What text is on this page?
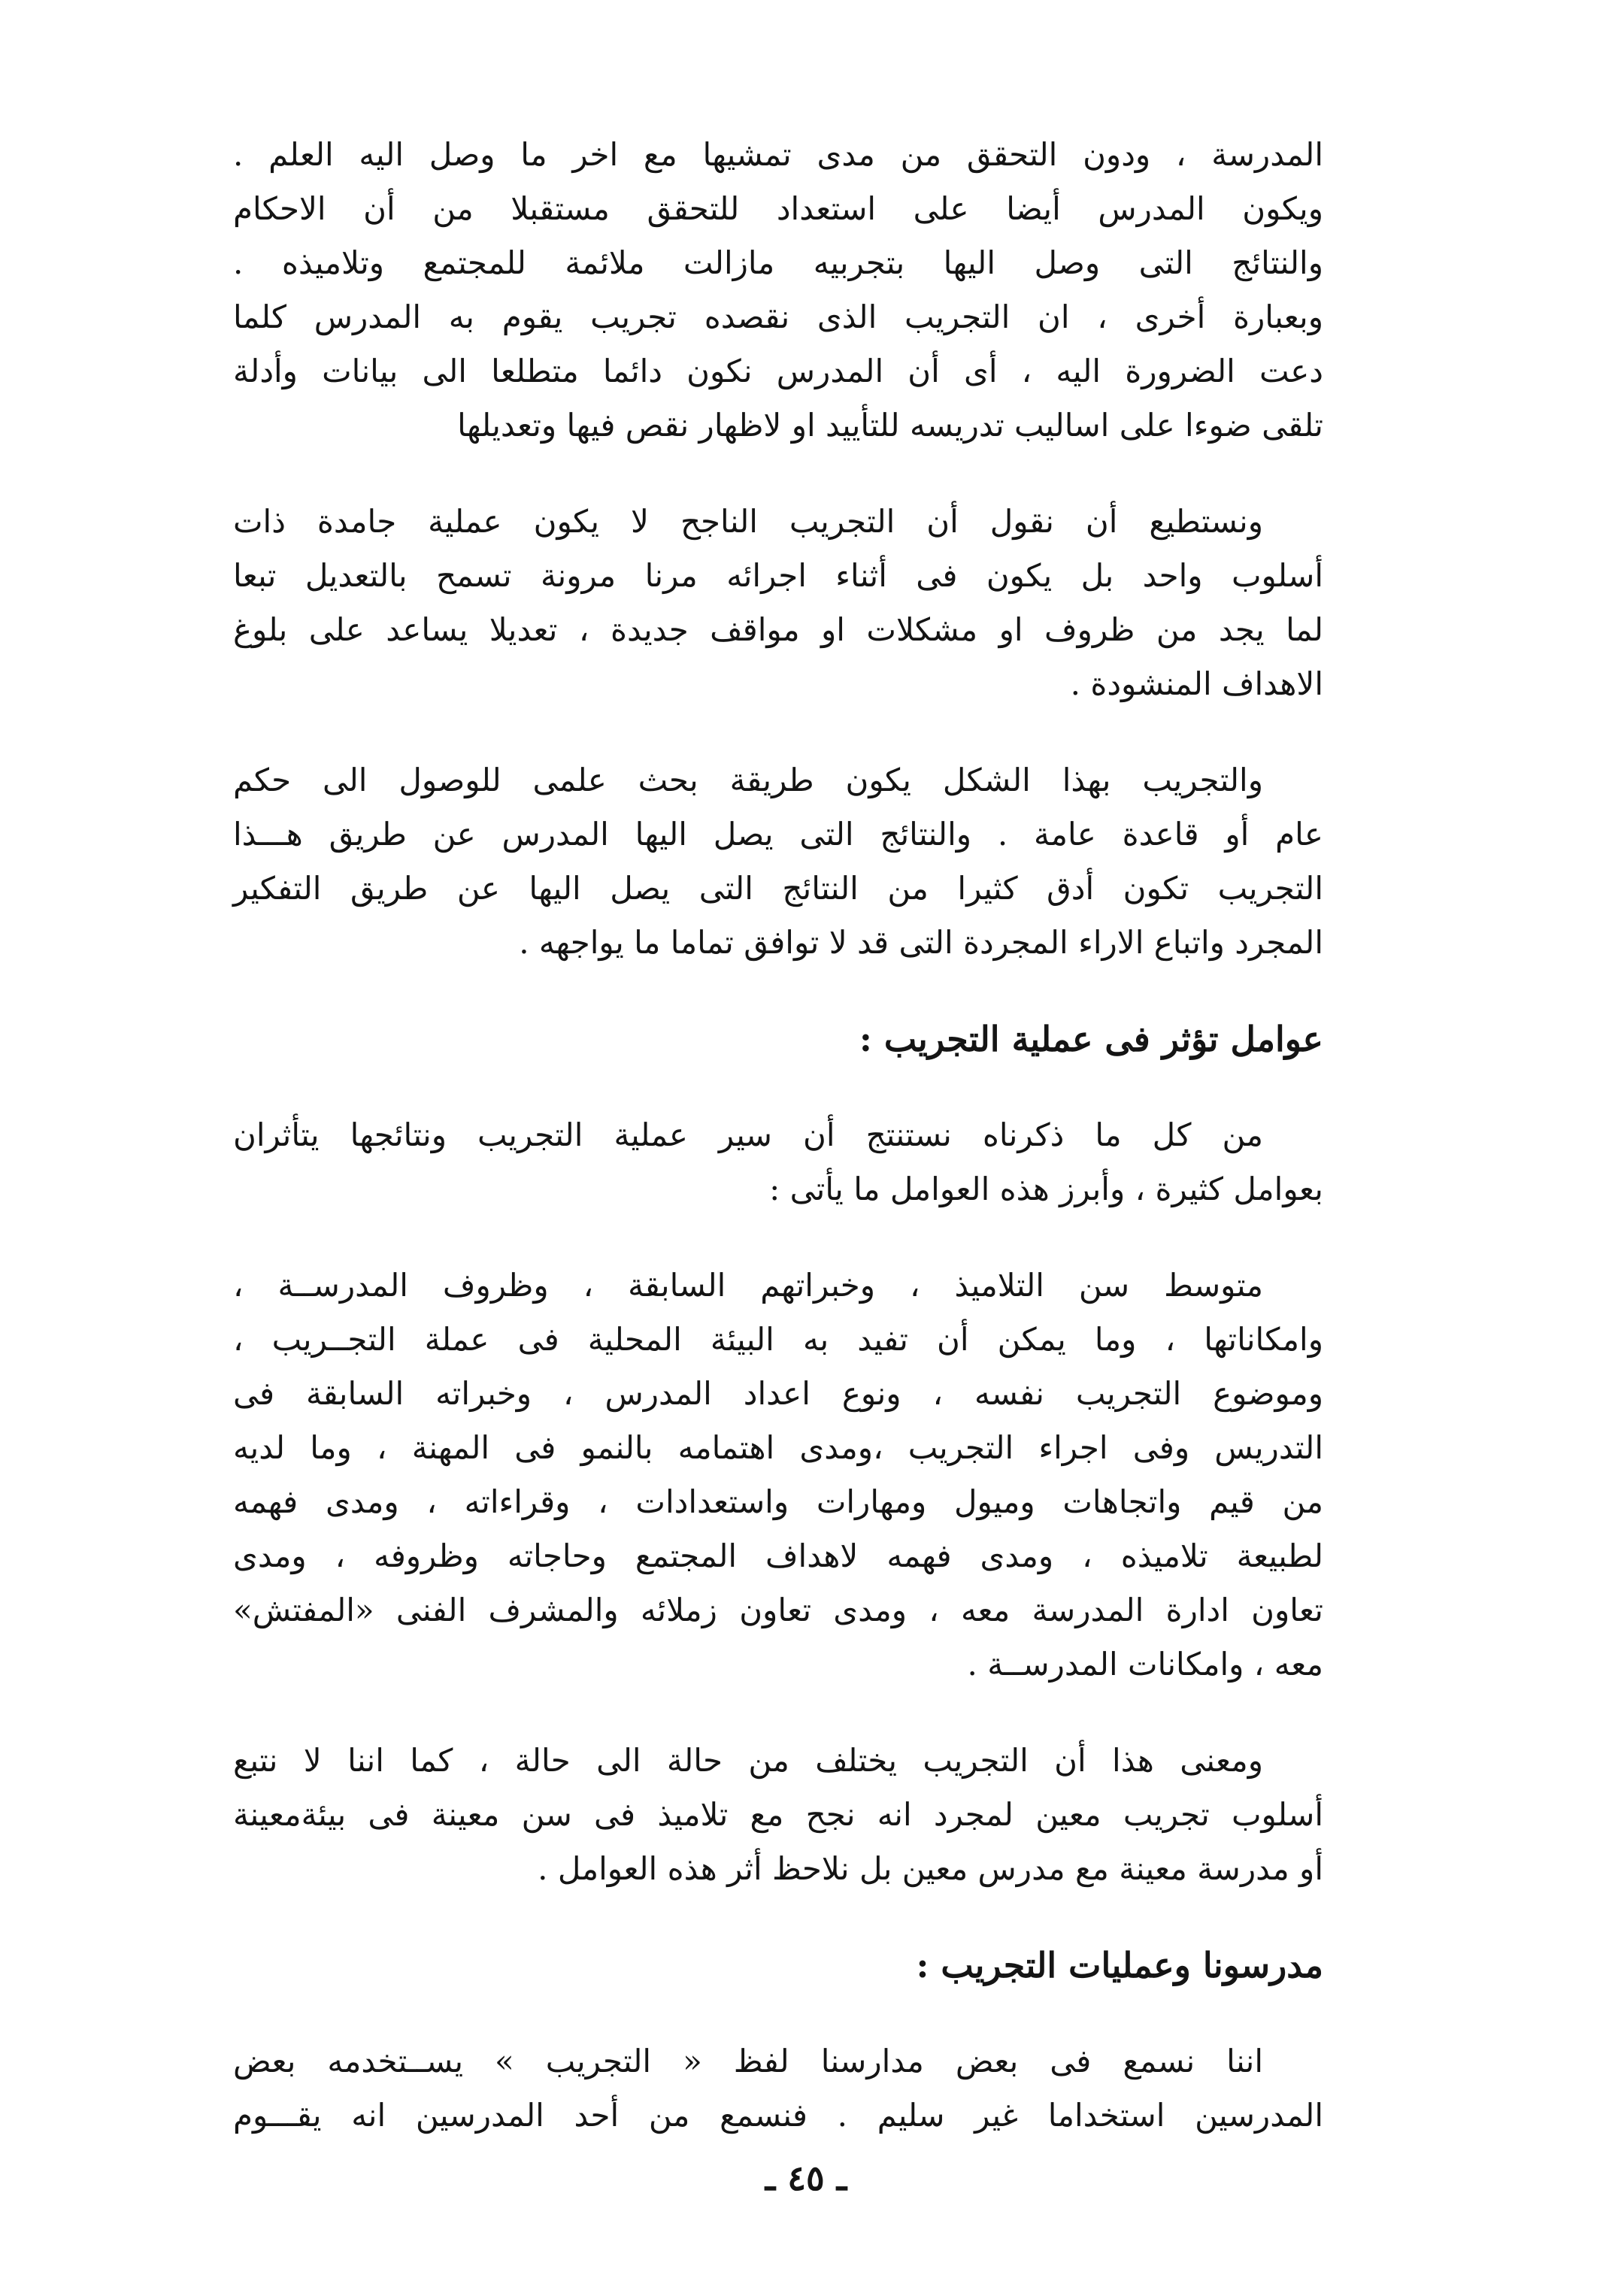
المدرسة ، ودون التحقق من مدى تمشيها مع اخر ما وصل اليه العلم .
ويكون المدرس أيضا على استعداد للتحقق مستقبلا من أن الاحكام
والنتائج التى وصل اليها بتجربيه مازالت ملائمة للمجتمع وتلاميذه .
وبعبارة أخرى ، ان التجريب الذى نقصده تجريب يقوم به المدرس كلما
دعت الضرورة اليه ، أى أن المدرس نكون دائما متطلعا الى بيانات وأدلة
تلقى ضوءا على اساليب تدريسه للتأييد او لاظهار نقص فيها وتعديلها

ونستطيع أن نقول أن التجريب الناجح لا يكون عملية جامدة ذات
أسلوب واحد بل يكون فى أثناء اجرائه مرنا مرونة تسمح بالتعديل تبعا
لما يجد من ظروف او مشكلات او مواقف جديدة ، تعديلا يساعد على بلوغ
الاهداف المنشودة .

والتجريب بهذا الشكل يكون طريقة بحث علمى للوصول الى حكم
عام أو قاعدة عامة . والنتائج التى يصل اليها المدرس عن طريق هـــذا
التجريب تكون أدق كثيرا من النتائج التى يصل اليها عن طريق التفكير
المجرد واتباع الاراء المجردة التى قد لا توافق تماما ما يواجهه .

عوامل تؤثر فى عملية التجريب :

من كل ما ذكرناه نستنتج أن سير عملية التجريب ونتائجها يتأثران
بعوامل كثيرة ، وأبرز هذه العوامل ما يأتى :

متوسط سن التلاميذ ، وخبراتهم السابقة ، وظروف المدرســة ،
وامكاناتها ، وما يمكن أن تفيد به البيئة المحلية فى عملة التجــريب ،
وموضوع التجريب نفسه ، ونوع اعداد المدرس ، وخبراته السابقة فى
التدريس وفى اجراء التجريب ،ومدى اهتمامه بالنمو فى المهنة ، وما لديه
من قيم واتجاهات وميول ومهارات واستعدادات ، وقراءاته ، ومدى فهمه
لطبيعة تلاميذه ، ومدى فهمه لاهداف المجتمع وحاجاته وظروفه ، ومدى
تعاون ادارة المدرسة معه ، ومدى تعاون زملائه والمشرف الفنى «المفتش»
معه ، وامكانات المدرســة .

ومعنى هذا أن التجريب يختلف من حالة الى حالة ، كما اننا لا نتبع
أسلوب تجريب معين لمجرد انه نجح مع تلاميذ فى سن معينة فى بيئةمعينة
أو مدرسة معينة مع مدرس معين بل نلاحظ أثر هذه العوامل .

مدرسونا وعمليات التجريب :

اننا نسمع فى بعض مدارسنا لفظ « التجريب » يســتخدمه بعض
المدرسين استخداما غير سليم . فنسمع من أحد المدرسين انه يقـــوم

ـ ٤٥ ـ
